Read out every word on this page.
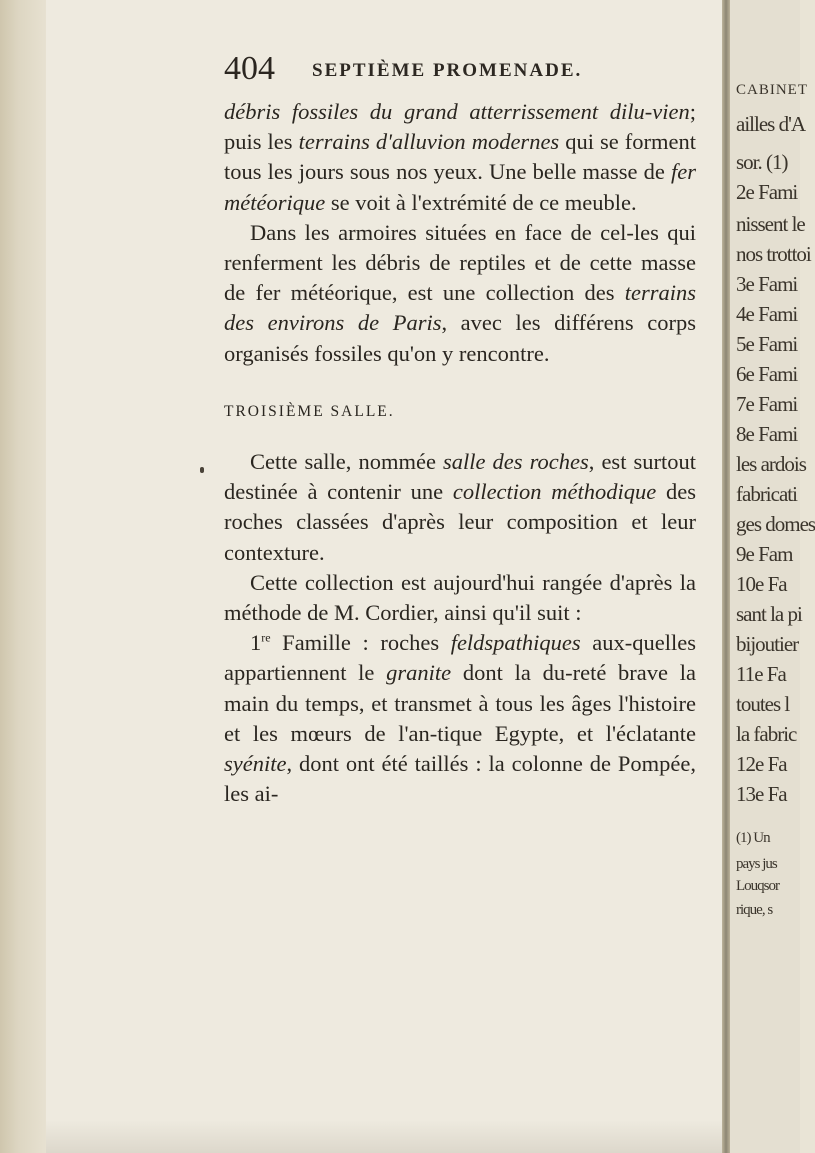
CABINET
ailles d'A
sor. (1)
2e Fami
nissent le
nos trottoi
3e Fami
4e Fami
5e Fami
6e Fami
7e Fami
8e Fami
les ardois
fabricati
ges domes
9e Fam
10e Fa
sant la pi
bijoutier
11e Fa
toutes l
la fabric
12e Fa
13e Fa
(1) Un
pays jus
Louqsor
rique, s
404 SEPTIÈME PROMENADE.

débris fossiles du grand atterrissement dilu-vien; puis les terrains d'alluvion modernes qui se forment tous les jours sous nos yeux. Une belle masse de fer météorique se voit à l'extrémité de ce meuble.

Dans les armoires situées en face de cel-les qui renferment les débris de reptiles et de cette masse de fer météorique, est une collection des terrains des environs de Paris, avec les différens corps organisés fossiles qu'on y rencontre.

TROISIÈME SALLE.

Cette salle, nommée salle des roches, est surtout destinée à contenir une collection méthodique des roches classées d'après leur composition et leur contexture.

Cette collection est aujourd'hui rangée d'après la méthode de M. Cordier, ainsi qu'il suit :

1re Famille : roches feldspathiques aux-quelles appartiennent le granite dont la du-reté brave la main du temps, et transmet à tous les âges l'histoire et les mœurs de l'an-tique Egypte, et l'éclatante syénite, dont ont été taillés : la colonne de Pompée, les ai-
